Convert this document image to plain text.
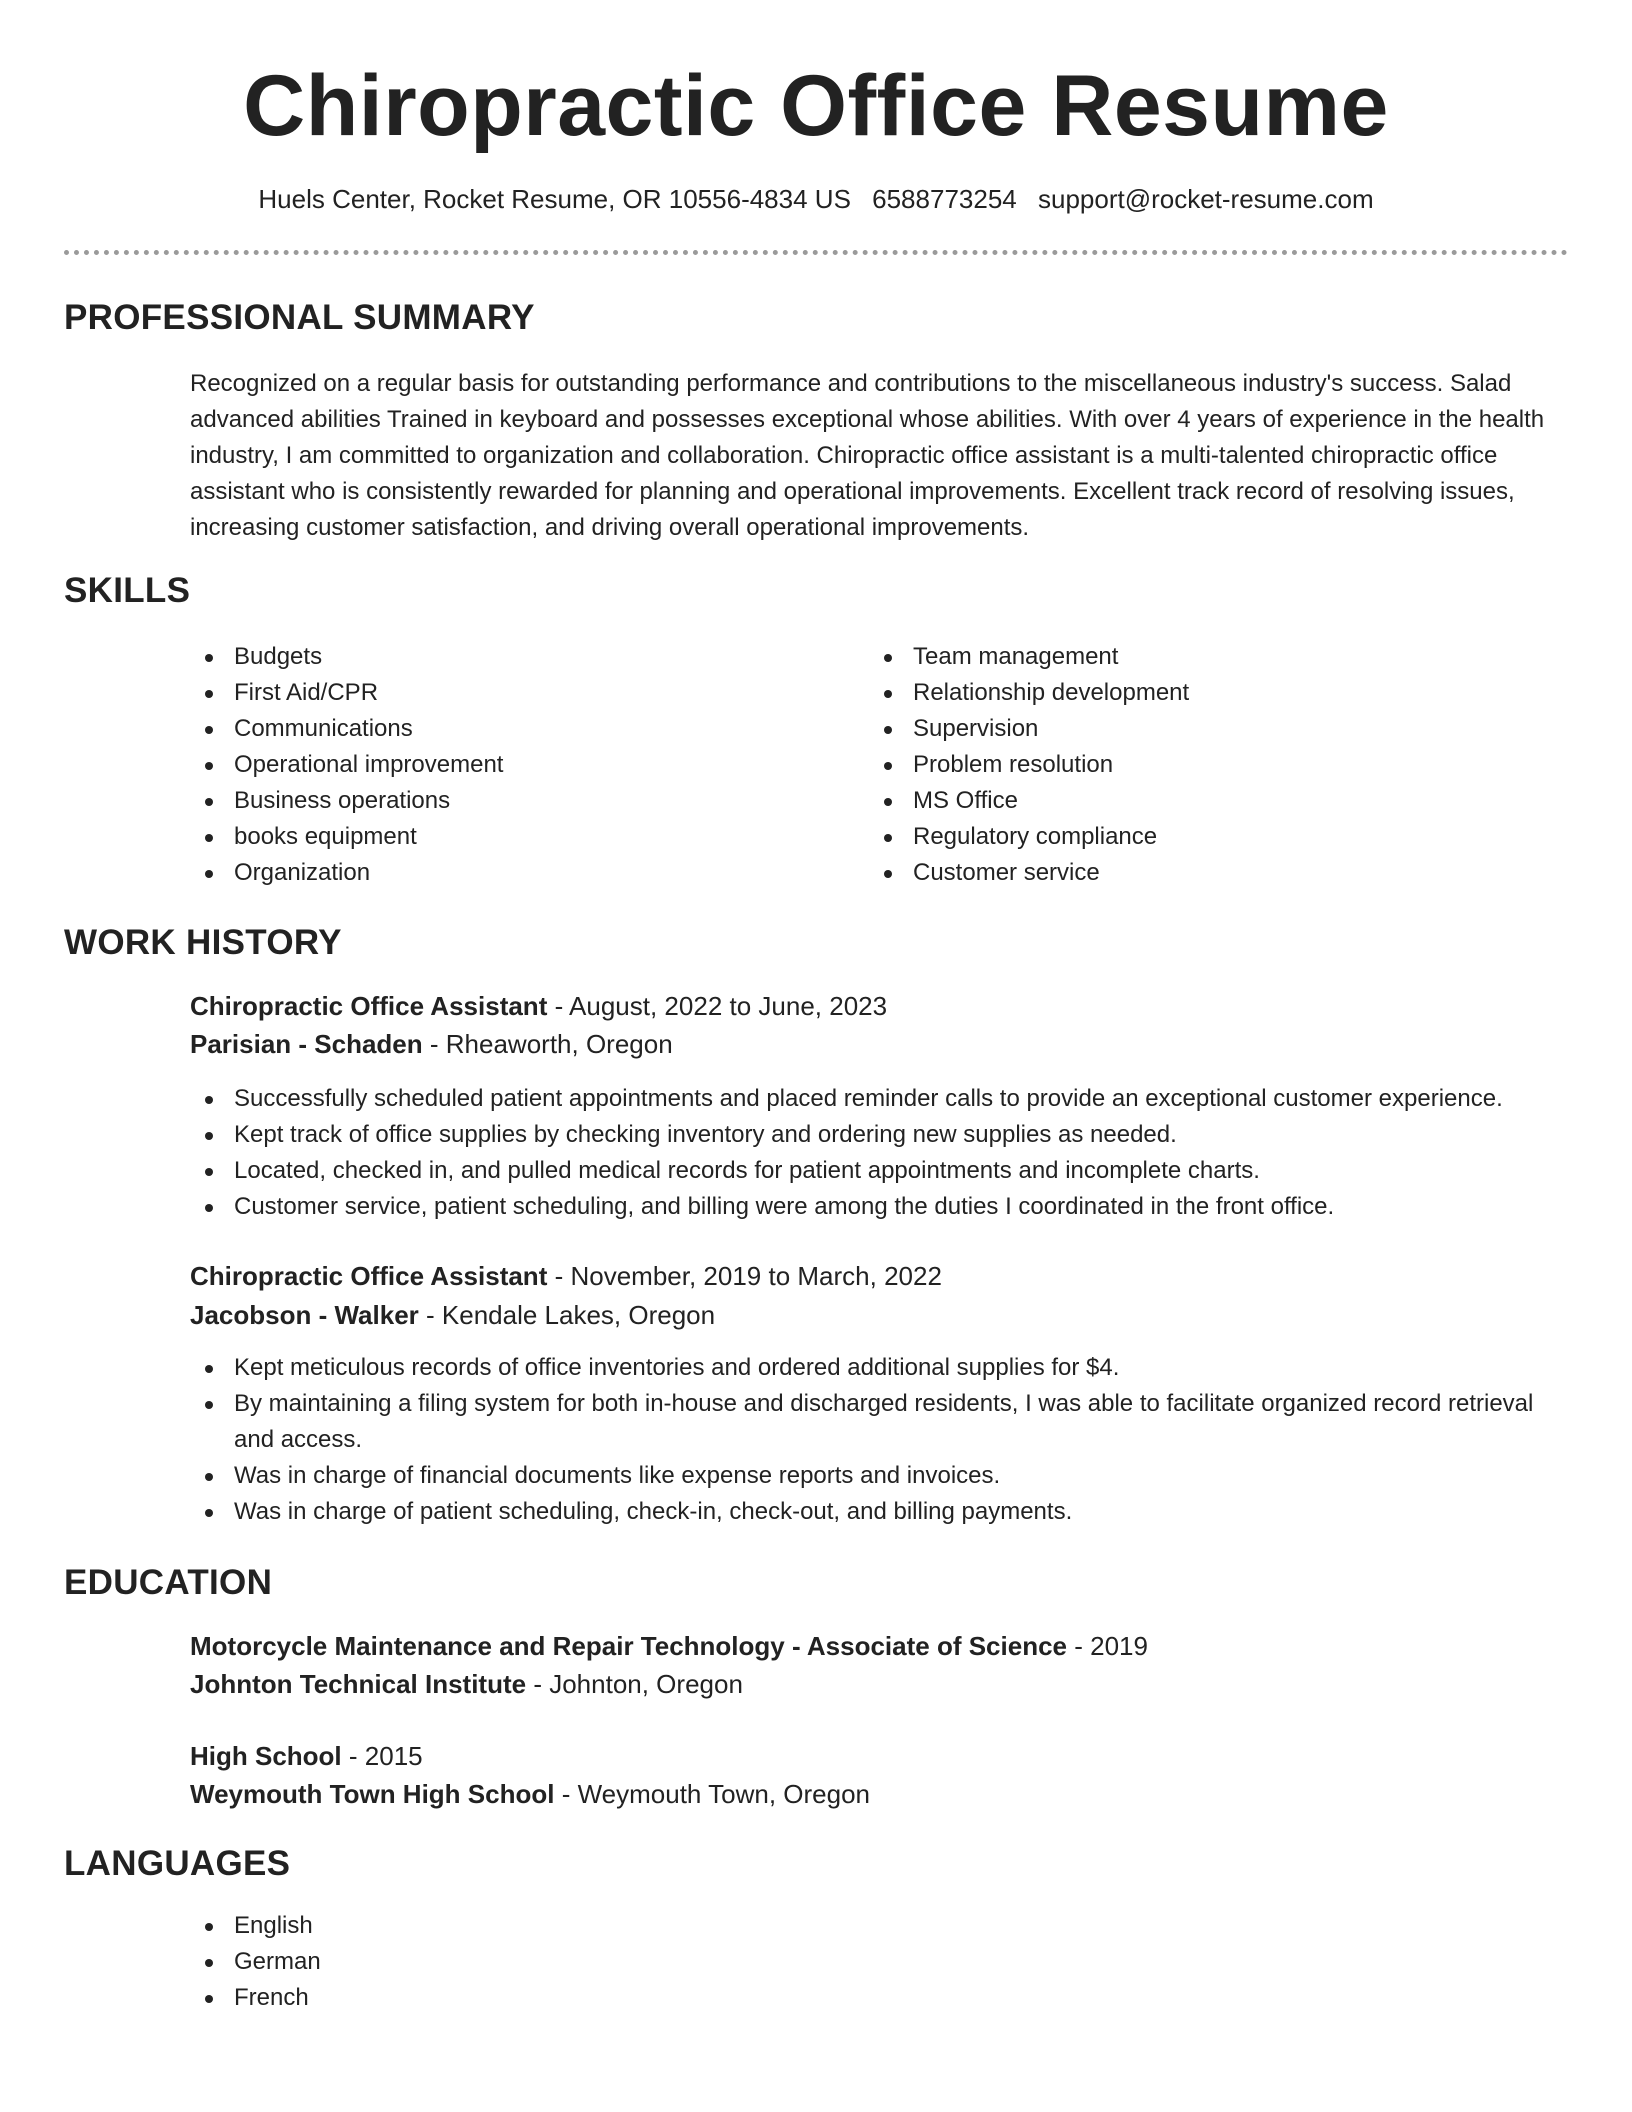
Chiropractic Office Resume
Huels Center, Rocket Resume, OR 10556-4834 US 6588773254 support@rocket-resume.com
PROFESSIONAL SUMMARY

Recognized on a regular basis for outstanding performance and contributions to the miscellaneous industry's success. Salad advanced abilities Trained in keyboard and possesses exceptional whose abilities. With over 4 years of experience in the health industry, I am committed to organization and collaboration. Chiropractic office assistant is a multi-talented chiropractic office assistant who is consistently rewarded for planning and operational improvements. Excellent track record of resolving issues, increasing customer satisfaction, and driving overall operational improvements.

SKILLS
Budgets
First Aid/CPR
Communications
Operational improvement
Business operations
books equipment
Organization
Team management
Relationship development
Supervision
Problem resolution
MS Office
Regulatory compliance
Customer service
WORK HISTORY
Chiropractic Office Assistant - August, 2022 to June, 2023
Parisian - Schaden - Rheaworth, Oregon
Successfully scheduled patient appointments and placed reminder calls to provide an exceptional customer experience.
Kept track of office supplies by checking inventory and ordering new supplies as needed.
Located, checked in, and pulled medical records for patient appointments and incomplete charts.
Customer service, patient scheduling, and billing were among the duties I coordinated in the front office.
Chiropractic Office Assistant - November, 2019 to March, 2022
Jacobson - Walker - Kendale Lakes, Oregon
Kept meticulous records of office inventories and ordered additional supplies for $4.
By maintaining a filing system for both in-house and discharged residents, I was able to facilitate organized record retrieval and access.
Was in charge of financial documents like expense reports and invoices.
Was in charge of patient scheduling, check-in, check-out, and billing payments.
EDUCATION
Motorcycle Maintenance and Repair Technology - Associate of Science - 2019
Johnton Technical Institute - Johnton, Oregon
High School - 2015
Weymouth Town High School - Weymouth Town, Oregon
LANGUAGES
English
German
French
